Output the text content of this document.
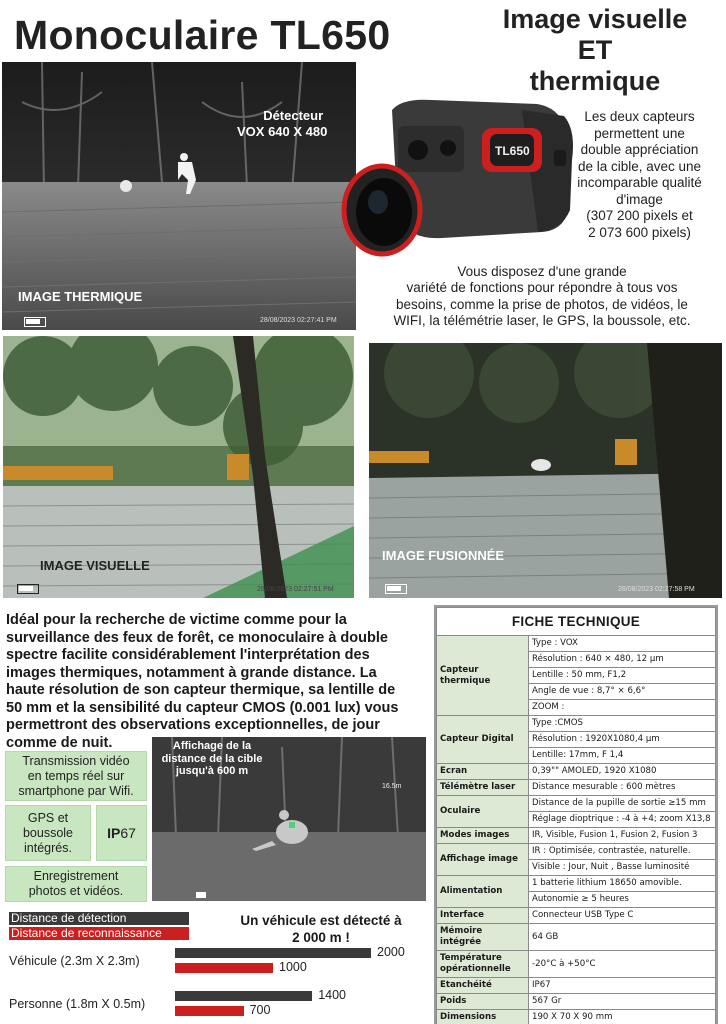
Monoculaire TL650	Image visuelle
ET
thermique
Détecteur
VOX 640 X 480
IMAGE THERMIQUE
28/08/2023 02:27:41 PM
TL650
Les deux capteurs
permettent une
double appréciation
de la cible, avec une
incomparable qualité
d'image
(307 200 pixels et
2 073 600 pixels)
Vous disposez d'une grande
variété de fonctions pour répondre à tous vos
besoins, comme la prise de photos, de vidéos, le
WIFI, la télémétrie laser, le GPS, la boussole, etc.
IMAGE VISUELLE
28/08/2023 02:27:51 PM
IMAGE FUSIONNÉE
28/08/2023 02:27:58 PM
Idéal pour la recherche de victime comme pour la
surveillance des feux de forêt, ce monoculaire à double
spectre facilite considérablement l'interprétation des
images thermiques, notamment à grande distance. La
haute résolution de son capteur thermique, sa lentille de
50 mm et la sensibilité du capteur CMOS (0.001 lux) vous
permettront des observations exceptionnelles, de jour
comme de nuit.
Transmission vidéo
en temps réel sur
smartphone par Wifi.
GPS et
boussole
intégrés.
IP67
Enregistrement
photos et vidéos.
Affichage de la
distance de la cible
jusqu'à 600 m
16.5m
FICHE TECHNIQUE
Capteur thermique	Type : VOX
	Résolution : 640 × 480, 12 µm
	Lentille : 50 mm, F1,2
	Angle de vue : 8,7° × 6,6°
	ZOOM :
Capteur Digital	Type :CMOS
	Résolution : 1920X1080,4 µm
	Lentille: 17mm, F 1,4
Ecran	0,39"" AMOLED, 1920 X1080
Télémètre laser	Distance mesurable : 600 mètres
Oculaire	Distance de la pupille de sortie ≥15 mm
	Réglage dioptrique : -4 à +4; zoom X13,8
Modes images	IR, Visible, Fusion 1, Fusion 2, Fusion 3
Affichage image	IR : Optimisée, contrastée, naturelle.
	Visible : Jour, Nuit , Basse luminosité
Alimentation	1 batterie lithium 18650 amovible.
	Autonomie ≥ 5 heures
Interface	Connecteur USB Type C
Mémoire intégrée	64 GB
Température opérationnelle	-20°C à +50°C
Etanchéité	IP67
Poids	567 Gr
Dimensions	190 X 70 X 90 mm
Distance de détection
Distance de reconnaissance
Un véhicule est détecté à
2 000 m !
Véhicule (2.3m X 2.3m)
2000
1000
Personne (1.8m X 0.5m)
1400
700
